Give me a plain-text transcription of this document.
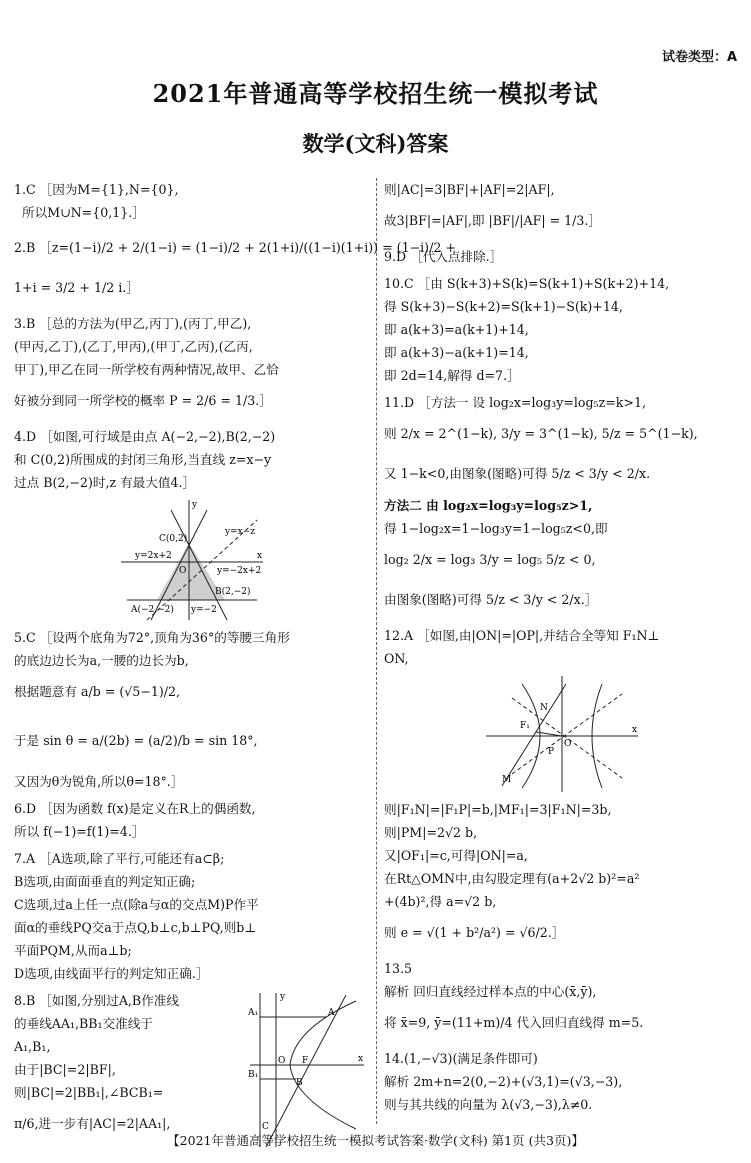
试卷类型：A
2021年普通高等学校招生统一模拟考试
数学(文科)答案
1.C ［因为M={1},N={0},
所以M∪N={0,1}.］
2.B ［z=(1−i)/2 + 2/(1−i) = (1−i)/2 + 2(1+i)/((1−i)(1+i)) = (1−i)/2 +
1+i = 3/2 + 1/2 i.］
3.B ［总的方法为(甲乙,丙丁),(丙丁,甲乙),
(甲丙,乙丁),(乙丁,甲丙),(甲丁,乙丙),(乙丙,
甲丁),甲乙在同一所学校有两种情况,故甲、乙恰
好被分到同一所学校的概率 P = 2/6 = 1/3.］
4.D ［如图,可行域是由点 A(−2,−2),B(2,−2)
和 C(0,2)所围成的封闭三角形,当直线 z=x−y
过点 B(2,−2)时,z 有最大值4.］
C(0,2)
y=2x+2
y=x−z
y=−2x+2
O
A(−2,−2)
B(2,−2)
y=−2
x
y
5.C ［设两个底角为72°,顶角为36°的等腰三角形
的底边边长为a,一腰的边长为b,
根据题意有 a/b = (√5−1)/2,
于是 sin θ = a/(2b) = (a/2)/b = sin 18°,
又因为θ为锐角,所以θ=18°.］
6.D ［因为函数 f(x)是定义在R上的偶函数,
所以 f(−1)=f(1)=4.］
7.A ［A选项,除了平行,可能还有a⊂β;
B选项,由面面垂直的判定知正确;
C选项,过a上任一点(除a与α的交点M)P作平
面α的垂线PQ交a于点Q,b⊥c,b⊥PQ,则b⊥
平面PQM,从而a⊥b;
D选项,由线面平行的判定知正确.］
8.B ［如图,分别过A,B作准线
的垂线AA₁,BB₁交准线于
A₁,B₁,
由于|BC|=2|BF|,
则|BC|=2|BB₁|,∠BCB₁=
π/6,进一步有|AC|=2|AA₁|,
y
A₁	A
B₁
B
O F
C
x
则|AC|=3|BF|+|AF|=2|AF|,
故3|BF|=|AF|,即 |BF|/|AF| = 1/3.］
9.D ［代入点排除.］
10.C ［由 S(k+3)+S(k)=S(k+1)+S(k+2)+14,
得 S(k+3)−S(k+2)=S(k+1)−S(k)+14,
即 a(k+3)=a(k+1)+14,
即 a(k+3)−a(k+1)=14,
即 2d=14,解得 d=7.］
11.D ［方法一 设 log₂x=log₃y=log₅z=k>1,
则 2/x = 2^(1−k), 3/y = 3^(1−k), 5/z = 5^(1−k),
又 1−k<0,由图象(图略)可得 5/z < 3/y < 2/x.
方法二 由 log₂x=log₃y=log₅z>1,
得 1−log₂x=1−log₃y=1−log₅z<0,即
log₂ 2/x = log₃ 3/y = log₅ 5/z < 0,
由图象(图略)可得 5/z < 3/y < 2/x.］
12.A ［如图,由|ON|=|OP|,并结合全等知 F₁N⊥
ON,
N
F₁
O
P
M
x
则|F₁N|=|F₁P|=b,|MF₁|=3|F₁N|=3b,
则|PM|=2√2 b,
又|OF₁|=c,可得|ON|=a,
在Rt△OMN中,由勾股定理有(a+2√2 b)²=a²
+(4b)²,得 a=√2 b,
则 e = √(1 + b²/a²) = √6/2.］
13.5
解析 回归直线经过样本点的中心(x̄,ȳ),
将 x̄=9, ȳ=(11+m)/4 代入回归直线得 m=5.
14.(1,−√3)(满足条件即可)
解析 2m+n=2(0,−2)+(√3,1)=(√3,−3),
则与其共线的向量为 λ(√3,−3),λ≠0.
【2021年普通高等学校招生统一模拟考试答案·数学(文科) 第1页 (共3页)】
